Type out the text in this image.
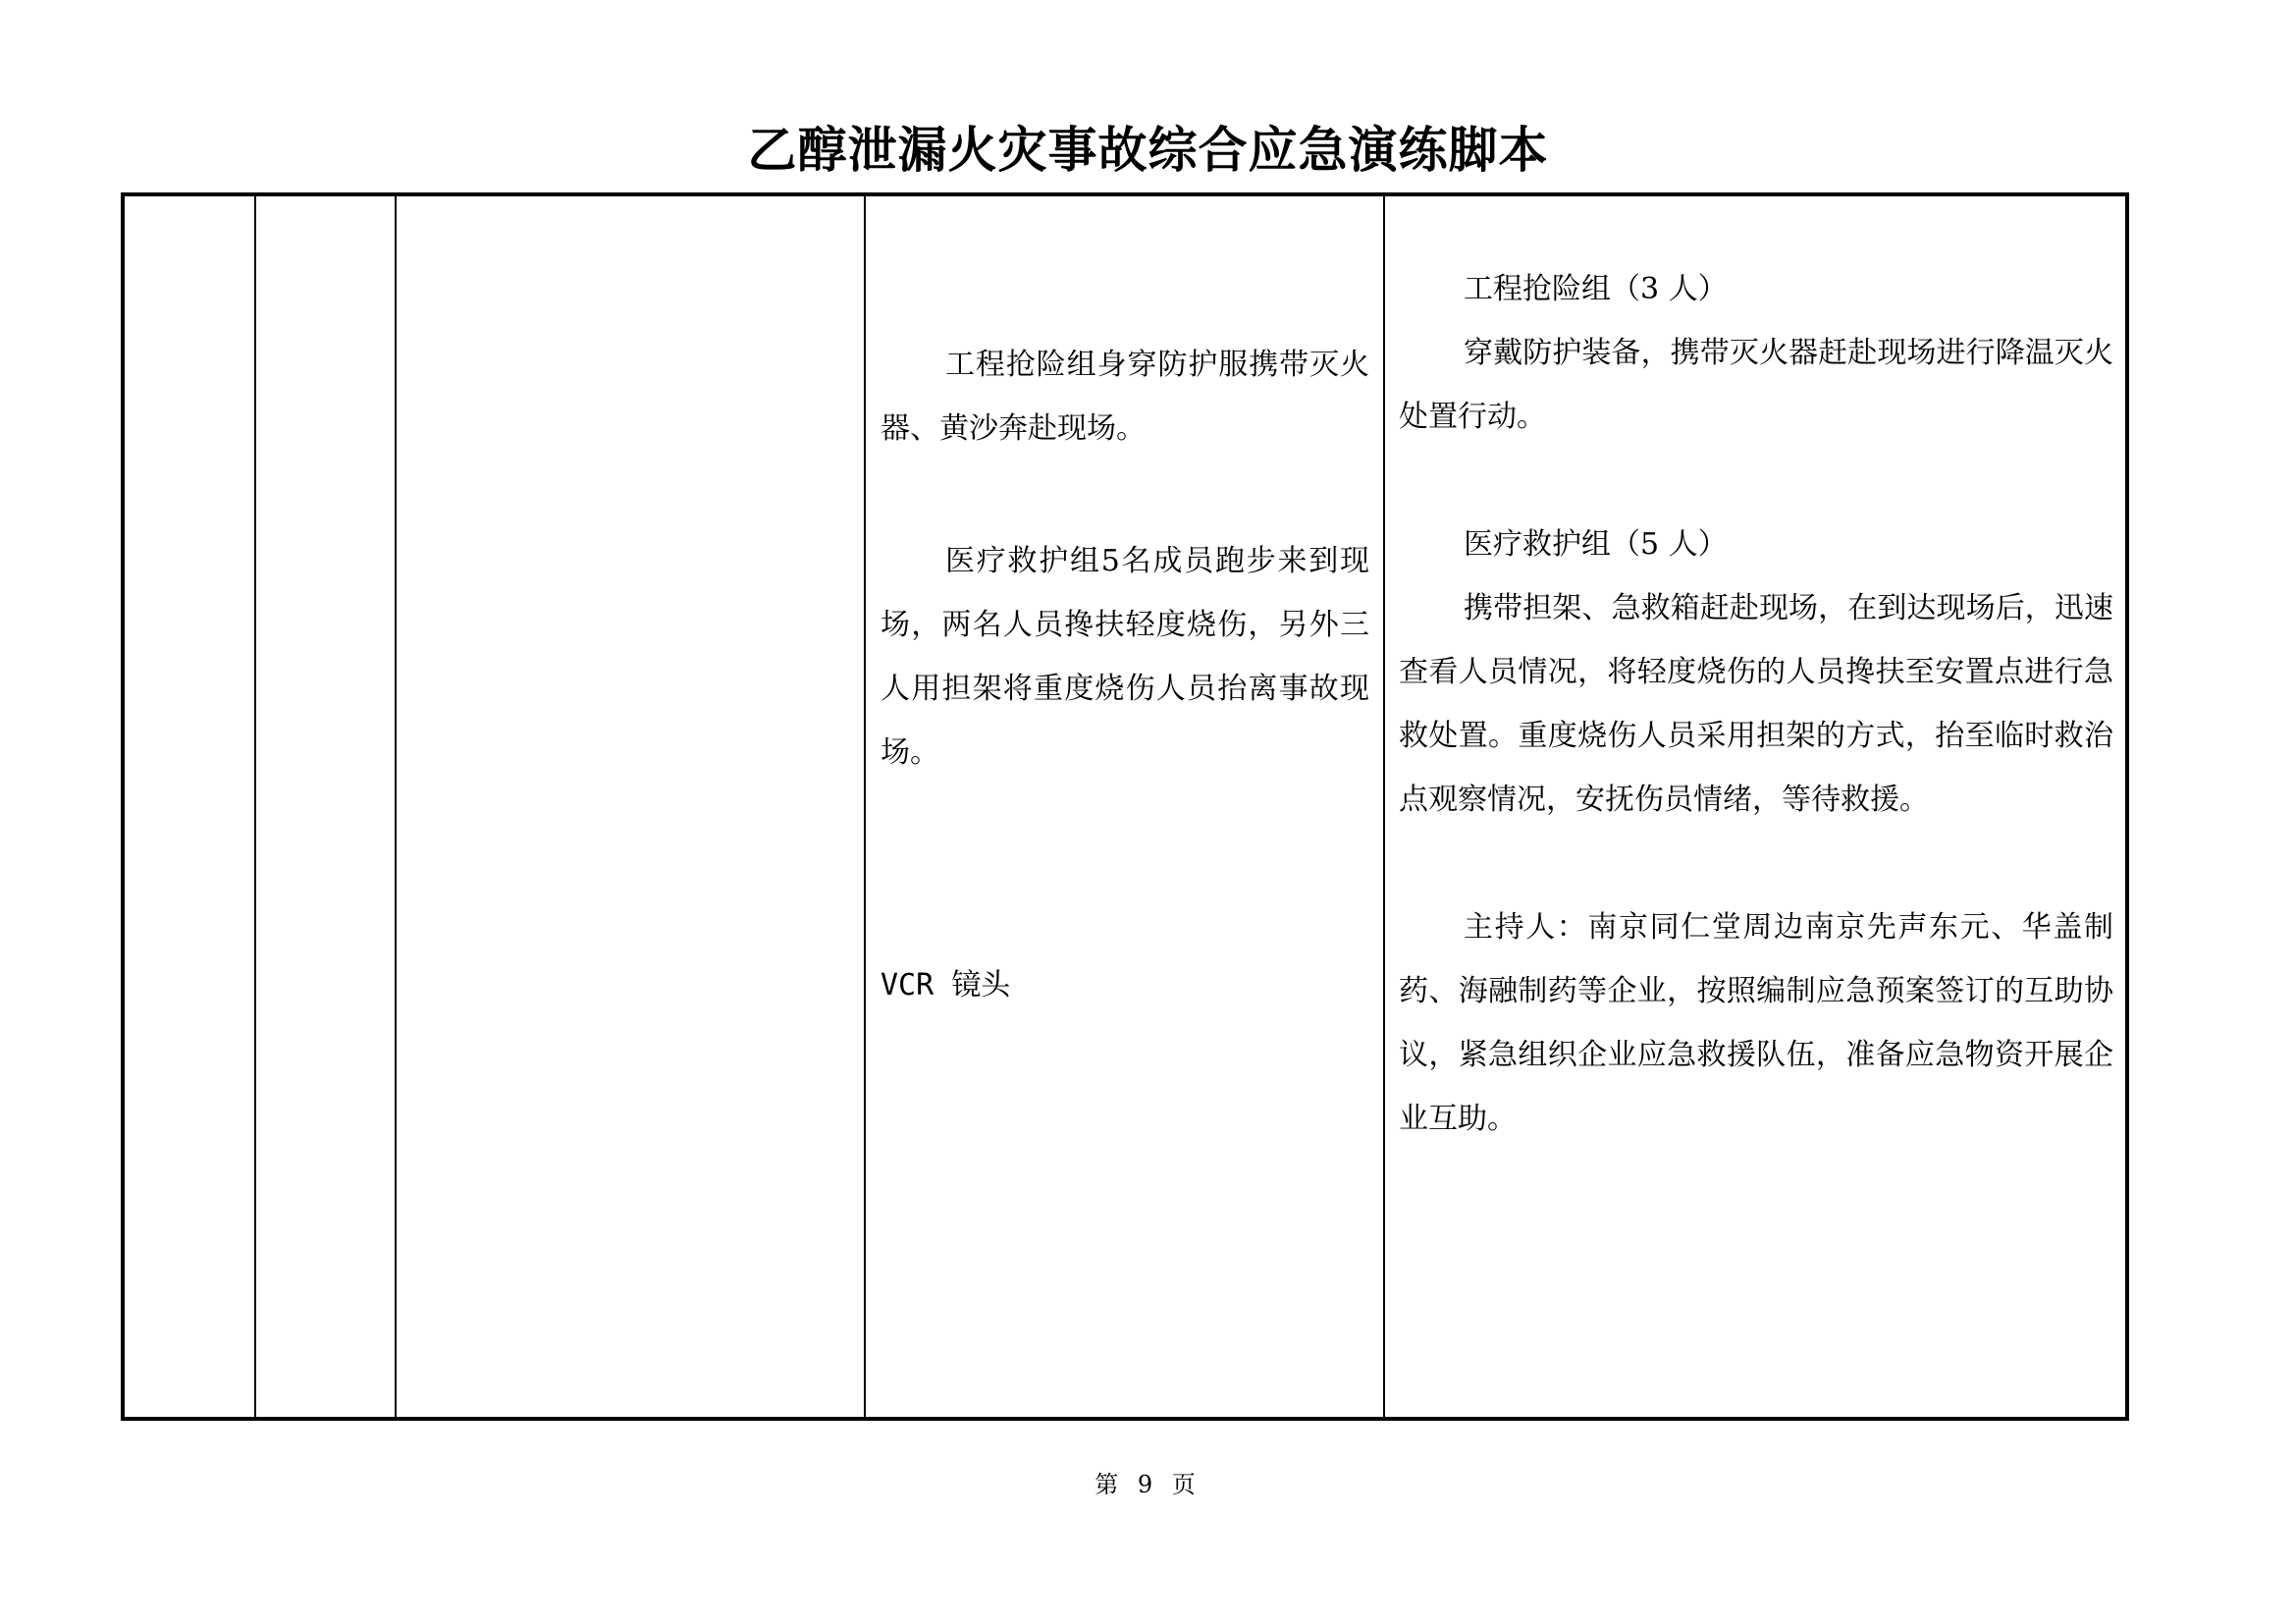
乙醇泄漏火灾事故综合应急演练脚本

工程抢险组身穿防护服携带灭火器、黄沙奔赴现场。

医疗救护组5名成员跑步来到现场，两名人员搀扶轻度烧伤，另外三人用担架将重度烧伤人员抬离事故现场。

VCR 镜头

工程抢险组（3 人）

穿戴防护装备，携带灭火器赶赴现场进行降温灭火处置行动。

医疗救护组（5 人）

携带担架、急救箱赶赴现场，在到达现场后，迅速查看人员情况，将轻度烧伤的人员搀扶至安置点进行急救处置。重度烧伤人员采用担架的方式，抬至临时救治点观察情况，安抚伤员情绪，等待救援。

主持人：南京同仁堂周边南京先声东元、华盖制药、海融制药等企业，按照编制应急预案签订的互助协议，紧急组织企业应急救援队伍，准备应急物资开展企业互助。

第 9 页
